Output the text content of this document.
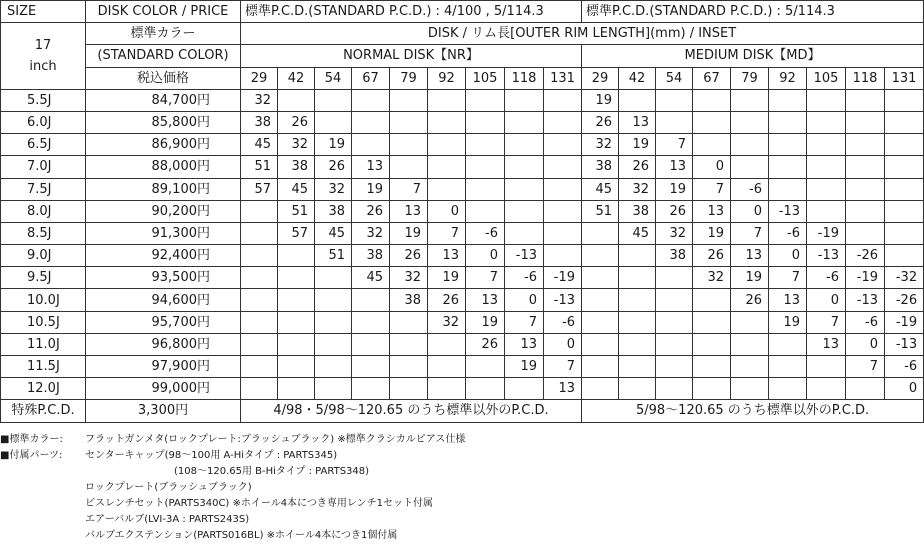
SIZE	DISK COLOR / PRICE	標準P.C.D.(STANDARD P.C.D.) : 4/100 , 5/114.3									標準P.C.D.(STANDARD P.C.D.) : 5/114.3								

17
inch	標準カラー	DISK / リム長[OUTER RIM LENGTH](mm) / INSET																	
	(STANDARD COLOR)	NORMAL DISK【NR】									MEDIUM DISK【MD】								
	税込価格	29	42	54	67	79	92	105	118	131	29	42	54	67	79	92	105	118	131
5.5J	84,700円	32									19								
6.0J	85,800円	38	26								26	13							
6.5J	86,900円	45	32	19							32	19	7						
7.0J	88,000円	51	38	26	13						38	26	13	0					
7.5J	89,100円	57	45	32	19	7					45	32	19	7	-6				
8.0J	90,200円		51	38	26	13	0				51	38	26	13	0	-13			
8.5J	91,300円		57	45	32	19	7	-6				45	32	19	7	-6	-19		
9.0J	92,400円			51	38	26	13	0	-13				38	26	13	0	-13	-26	
9.5J	93,500円				45	32	19	7	-6	-19				32	19	7	-6	-19	-32
10.0J	94,600円					38	26	13	0	-13					26	13	0	-13	-26
10.5J	95,700円						32	19	7	-6						19	7	-6	-19
11.0J	96,800円							26	13	0							13	0	-13
11.5J	97,900円								19	7								7	-6
12.0J	99,000円									13									0
特殊P.C.D.	3,300円	4/98・5/98〜120.65 のうち標準以外のP.C.D.									5/98〜120.65 のうち標準以外のP.C.D.								
■標準カラー:	フラットガンメタ(ロックプレート:ブラッシュブラック) ※標準クラシカルピアス仕様
■付属パーツ:	センターキャップ(98〜100用 A-Hiタイプ : PARTS345)
(108〜120.65用 B-Hiタイプ : PARTS348)
ロックプレート(ブラッシュブラック)
ビスレンチセット(PARTS340C) ※ホイール4本につき専用レンチ1セット付属
エアーバルブ(LVI-3A : PARTS243S)
バルブエクステンション(PARTS016BL) ※ホイール4本につき1個付属
